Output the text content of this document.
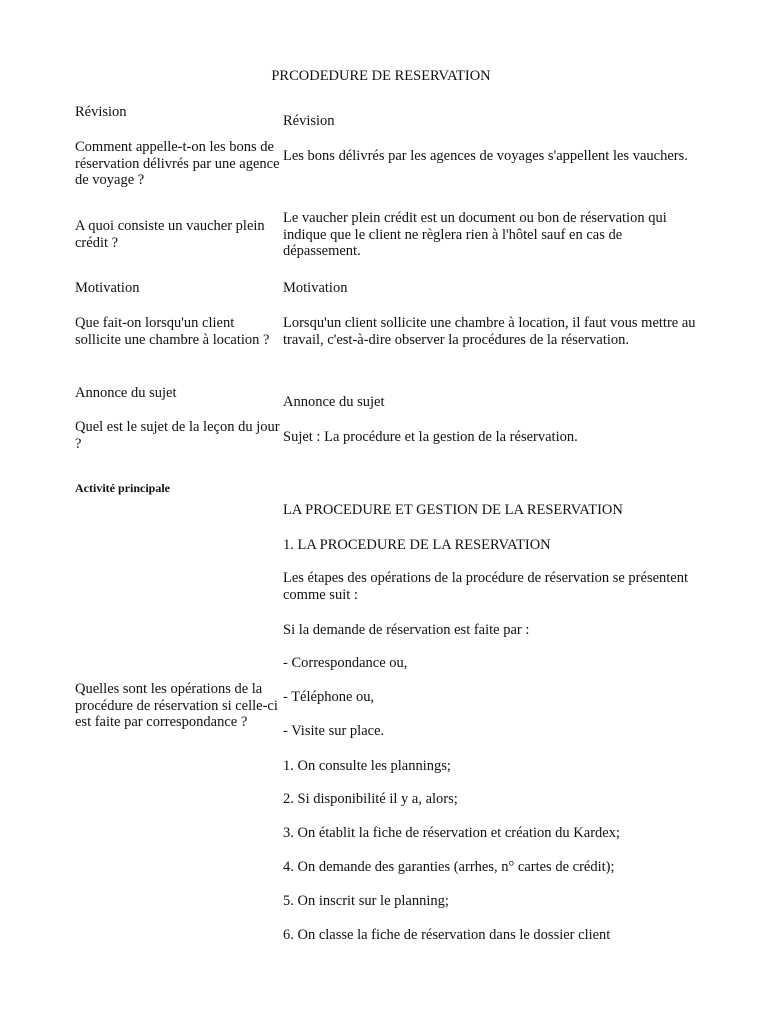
PRCODEDURE DE RESERVATION
Révision
Comment appelle-t-on les bons de réservation délivrés par une agence de voyage ?
A quoi consiste un vaucher plein crédit ?
Motivation
Que fait-on lorsqu'un client sollicite une chambre à location ?
Annonce du sujet
Quel est le sujet de la leçon du jour ?
Activité principale
Quelles sont les opérations de la procédure de réservation si celle-ci est faite par correspondance ?
Révision
Les bons délivrés par les agences de voyages s'appellent les vauchers.
Le vaucher plein crédit est un document ou bon de réservation qui indique que le client ne règlera rien à l'hôtel sauf en cas de dépassement.
Motivation
Lorsqu'un client sollicite une chambre à location, il faut vous mettre au travail, c'est-à-dire observer la procédures de la réservation.
Annonce du sujet
Sujet : La procédure et la gestion de la réservation.
LA PROCEDURE ET GESTION DE LA RESERVATION
1. LA PROCEDURE DE LA RESERVATION
Les étapes des opérations de la procédure de réservation se présentent comme suit :
Si la demande de réservation est faite par :
- Correspondance ou,
- Téléphone ou,
- Visite sur place.
1. On consulte les plannings;
2. Si disponibilité il y a, alors;
3. On établit la fiche de réservation et création du Kardex;
4. On demande des garanties (arrhes, n° cartes de crédit);
5. On inscrit sur le planning;
6. On classe la fiche de réservation dans le dossier client
